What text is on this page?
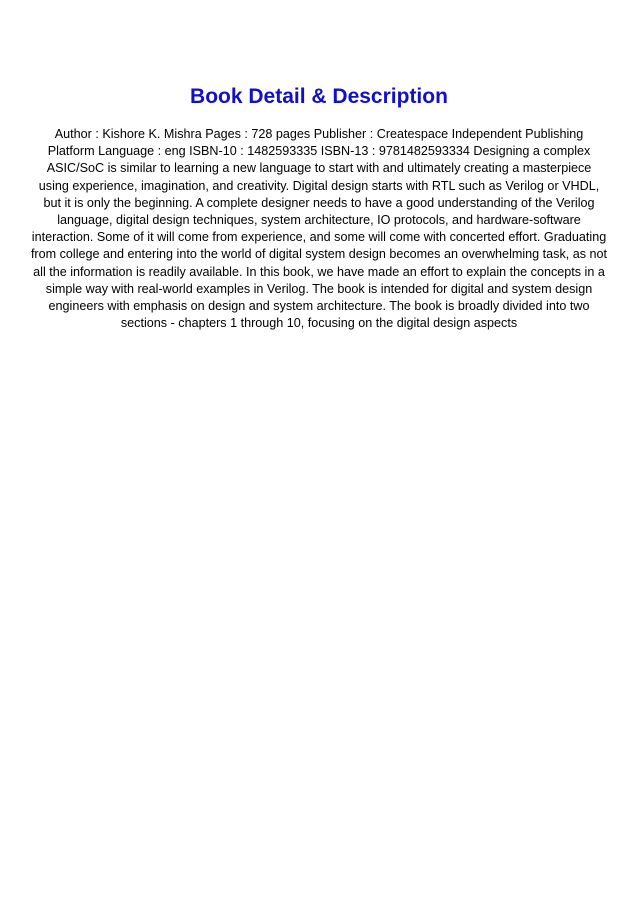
Book Detail & Description

Author : Kishore K. Mishra Pages : 728 pages Publisher : Createspace Independent Publishing Platform Language : eng ISBN-10 : 1482593335 ISBN-13 : 9781482593334 Designing a complex ASIC/SoC is similar to learning a new language to start with and ultimately creating a masterpiece using experience, imagination, and creativity. Digital design starts with RTL such as Verilog or VHDL, but it is only the beginning. A complete designer needs to have a good understanding of the Verilog language, digital design techniques, system architecture, IO protocols, and hardware-software interaction. Some of it will come from experience, and some will come with concerted effort. Graduating from college and entering into the world of digital system design becomes an overwhelming task, as not all the information is readily available. In this book, we have made an effort to explain the concepts in a simple way with real-world examples in Verilog. The book is intended for digital and system design engineers with emphasis on design and system architecture. The book is broadly divided into two sections - chapters 1 through 10, focusing on the digital design aspects
